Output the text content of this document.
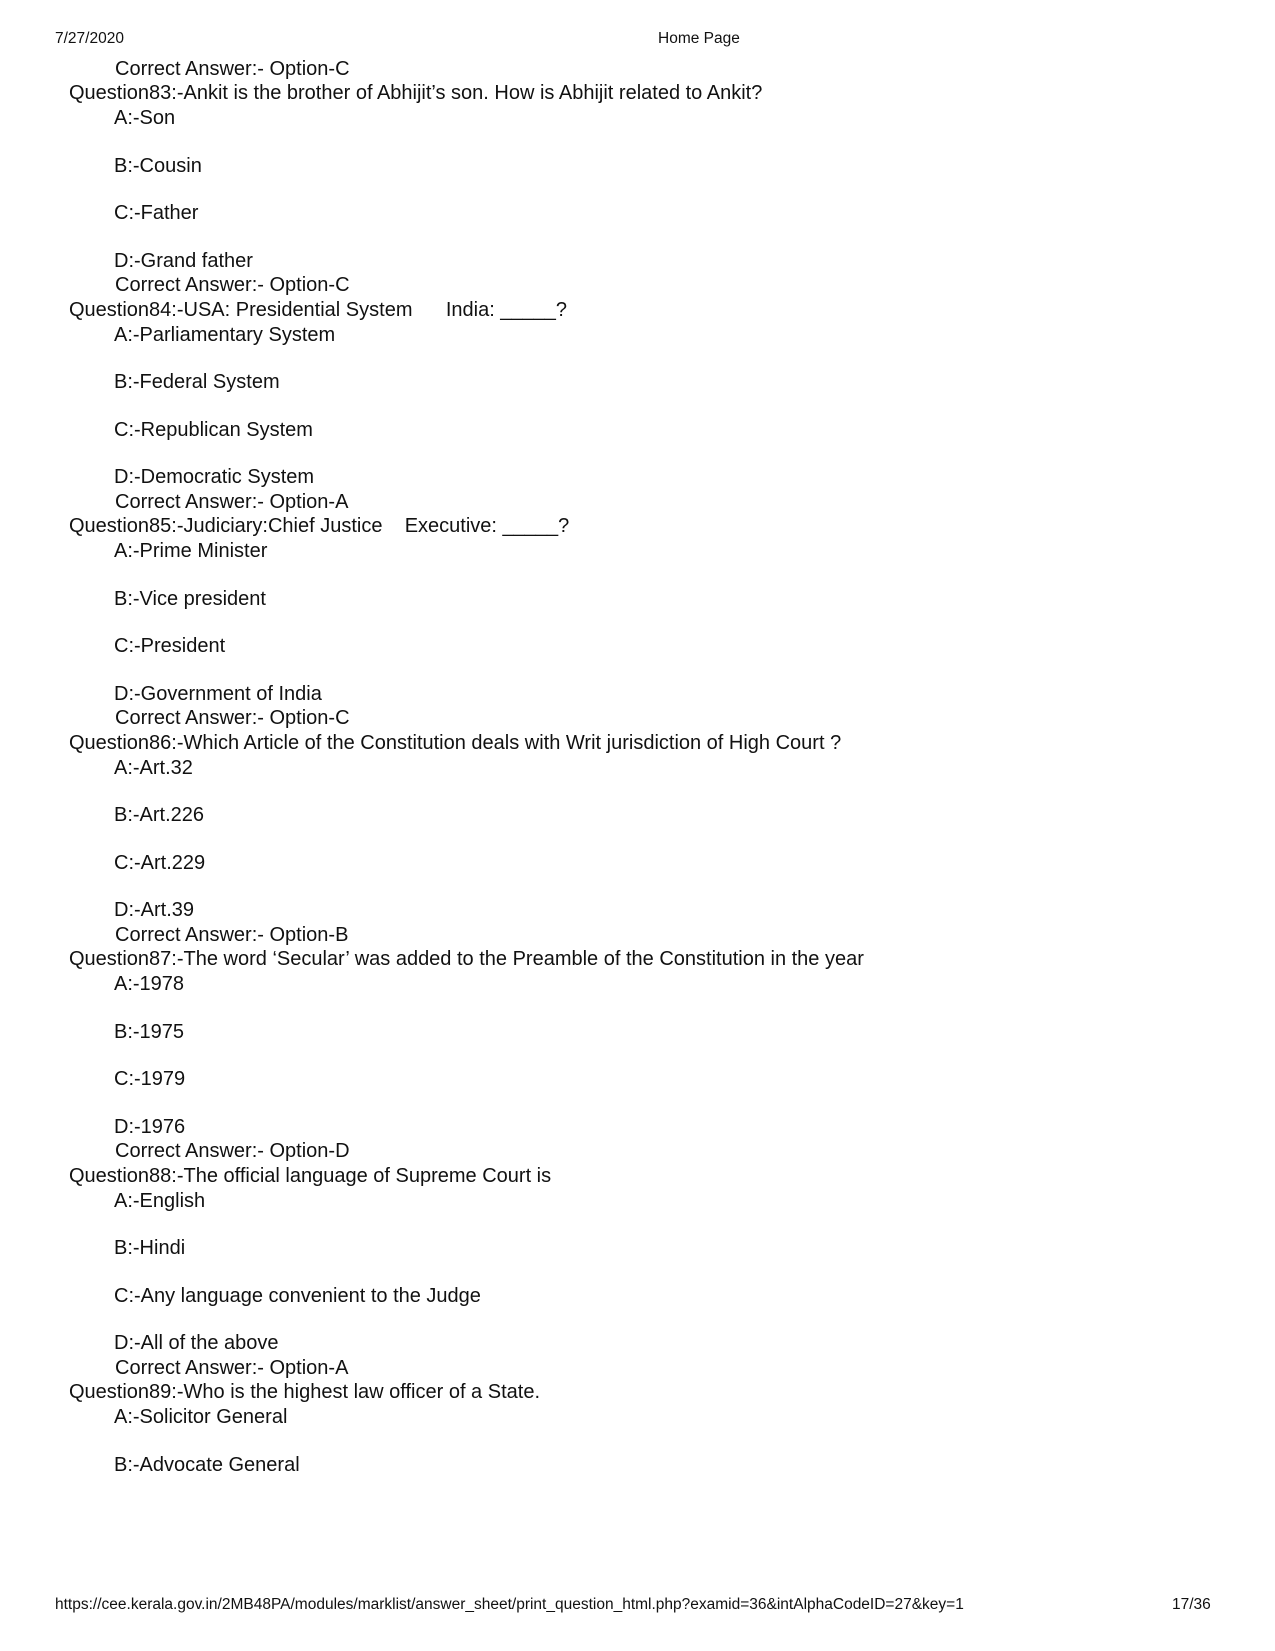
7/27/2020	Home Page
Correct Answer:- Option-C
Question83:-Ankit is the brother of Abhijit’s son. How is Abhijit related to Ankit?
A:-Son
B:-Cousin
C:-Father
D:-Grand father
Correct Answer:- Option-C
Question84:-USA: Presidential System      India: _____?
A:-Parliamentary System
B:-Federal System
C:-Republican System
D:-Democratic System
Correct Answer:- Option-A
Question85:-Judiciary:Chief Justice    Executive: _____?
A:-Prime Minister
B:-Vice president
C:-President
D:-Government of India
Correct Answer:- Option-C
Question86:-Which Article of the Constitution deals with Writ jurisdiction of High Court ?
A:-Art.32
B:-Art.226
C:-Art.229
D:-Art.39
Correct Answer:- Option-B
Question87:-The word ‘Secular’ was added to the Preamble of the Constitution in the year
A:-1978
B:-1975
C:-1979
D:-1976
Correct Answer:- Option-D
Question88:-The official language of Supreme Court is
A:-English
B:-Hindi
C:-Any language convenient to the Judge
D:-All of the above
Correct Answer:- Option-A
Question89:-Who is the highest law officer of a State.
A:-Solicitor General
B:-Advocate General
https://cee.kerala.gov.in/2MB48PA/modules/marklist/answer_sheet/print_question_html.php?examid=36&intAlphaCodeID=27&key=1	17/36
